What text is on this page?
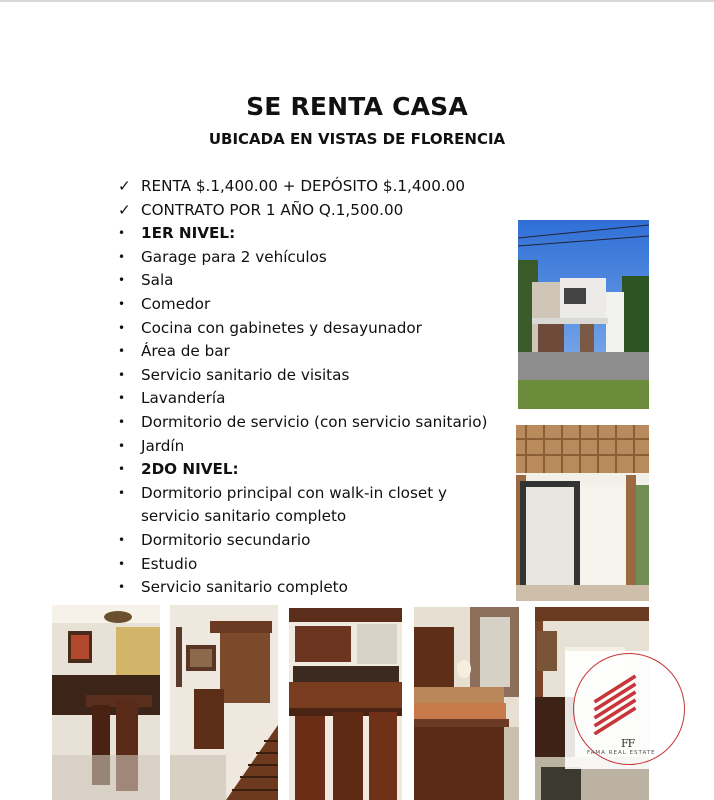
SE RENTA CASA
UBICADA EN VISTAS DE FLORENCIA
✓ RENTA $.1,400.00 + DEPÓSITO $.1,400.00
✓ CONTRATO POR 1 AÑO Q.1,500.00
•	1ER NIVEL:
•	Garage para 2 vehículos
•	Sala
•	Comedor
•	Cocina con gabinetes y desayunador
•	Área de bar
•	Servicio sanitario de visitas
•	Lavandería
•	Dormitorio de servicio (con servicio sanitario)
•	Jardín
•	2DO NIVEL:
•	Dormitorio principal con walk-in closet y servicio sanitario completo
•	Dormitorio secundario
•	Estudio
•	Servicio sanitario completo
FF
FAMA REAL ESTATE
